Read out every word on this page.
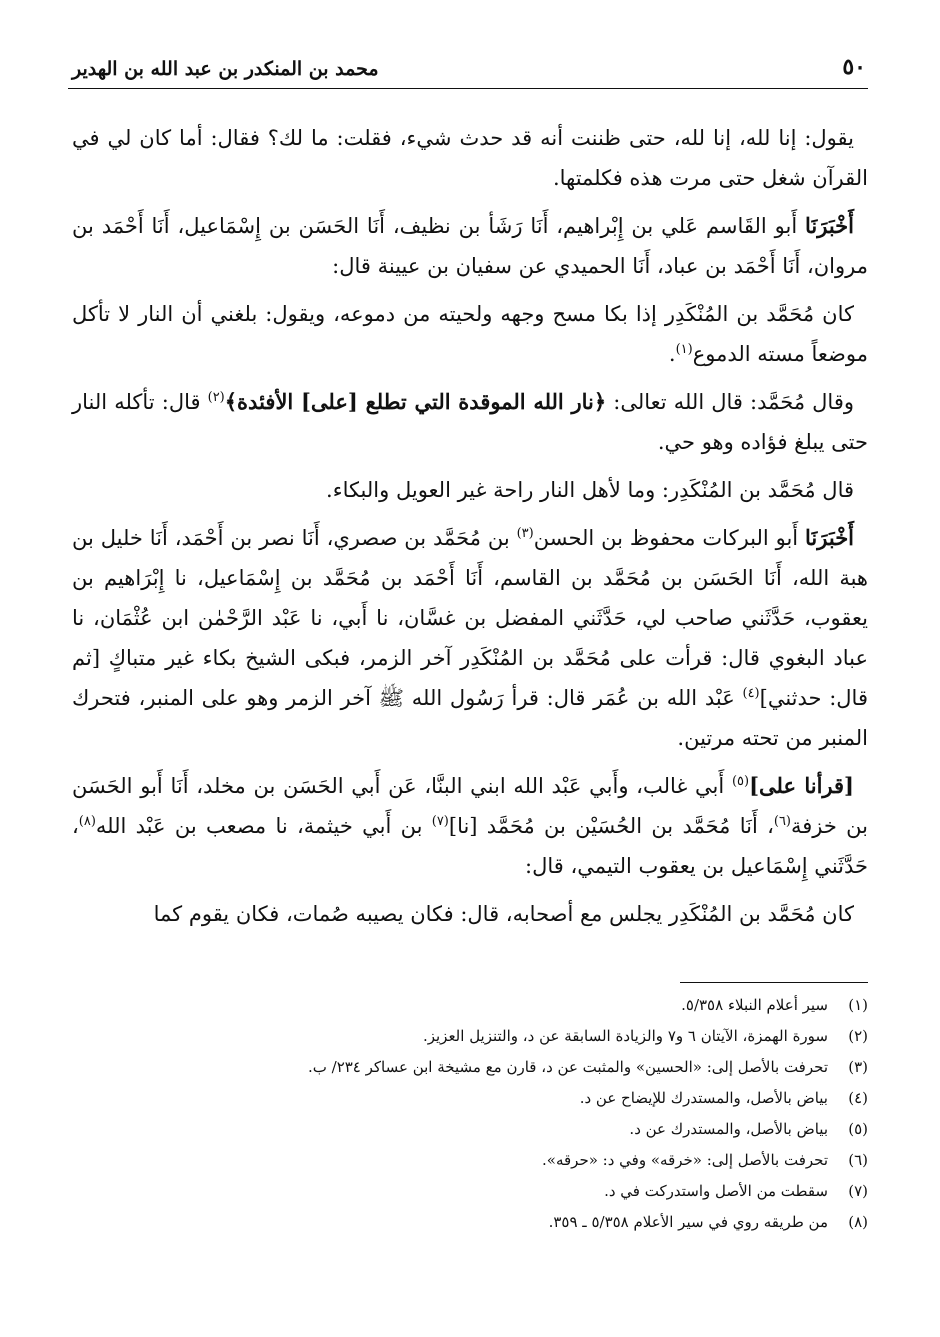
٥٠
محمد بن المنكدر بن عبد الله بن الهدير

يقول: إنا لله، إنا لله، حتى ظننت أنه قد حدث شيء، فقلت: ما لك؟ فقال: أما كان لي في القرآن شغل حتى مرت هذه فكلمتها.

أَخْبَرَنَا أَبو القَاسم عَلي بن إِبْراهيم، أَنَا رَشَأ بن نظيف، أَنَا الحَسَن بن إِسْمَاعيل، أَنَا أَحْمَد بن مروان، أَنَا أَحْمَد بن عباد، أَنَا الحميدي عن سفيان بن عيينة قال:

كان مُحَمَّد بن المُنْكَدِر إذا بكا مسح وجهه ولحيته من دموعه، ويقول: بلغني أن النار لا تأكل موضعاً مسته الدموع$^{(١)}$.

وقال مُحَمَّد: قال الله تعالى: ﴿نار الله الموقدة التي تطلع [على] الأفئدة﴾$^{(٢)}$ قال: تأكله النار حتى يبلغ فؤاده وهو حي.

قال مُحَمَّد بن المُنْكَدِر: وما لأهل النار راحة غير العويل والبكاء.

أَخْبَرَنَا أَبو البركات محفوظ بن الحسن$^{(٣)}$ بن مُحَمَّد بن صصري، أَنَا نصر بن أَحْمَد، أَنَا خليل بن هبة الله، أَنَا الحَسَن بن مُحَمَّد بن القاسم، أَنَا أَحْمَد بن مُحَمَّد بن إِسْمَاعيل، نا إِبْرَاهيم بن يعقوب، حَدَّثَني صاحب لي، حَدَّثَني المفضل بن غسَّان، نا أَبي، نا عَبْد الرَّحْمٰن ابن عُثْمَان، نا عباد البغوي قال: قرأت على مُحَمَّد بن المُنْكَدِر آخر الزمر، فبكى الشيخ بكاء غير متباكٍ [ثم قال: حدثني]$^{(٤)}$ عَبْد الله بن عُمَر قال: قرأ رَسُول الله ﷺ آخر الزمر وهو على المنبر، فتحرك المنبر من تحته مرتين.

[قرأنا على]$^{(٥)}$ أَبي غالب، وأَبي عَبْد الله ابني البنَّا، عَن أَبي الحَسَن بن مخلد، أَنَا أَبو الحَسَن بن خزفة$^{(٦)}$، أَنَا مُحَمَّد بن الحُسَيْن بن مُحَمَّد [نا]$^{(٧)}$ بن أَبي خيثمة، نا مصعب بن عَبْد الله$^{(٨)}$، حَدَّثَني إِسْمَاعيل بن يعقوب التيمي، قال:

كان مُحَمَّد بن المُنْكَدِر يجلس مع أصحابه، قال: فكان يصيبه صُمات، فكان يقوم كما

(١)
سير أعلام النبلاء ٥/٣٥٨.
(٢)
سورة الهمزة، الآيتان ٦ و٧ والزيادة السابقة عن د، والتنزيل العزيز.
(٣)
تحرفت بالأصل إلى: «الحسين» والمثبت عن د، قارن مع مشيخة ابن عساكر ٢٣٤/ ب.
(٤)
بياض بالأصل، والمستدرك للإيضاح عن د.
(٥)
بياض بالأصل، والمستدرك عن د.
(٦)
تحرفت بالأصل إلى: «خرقه» وفي د: «حرقه».
(٧)
سقطت من الأصل واستدركت في د.
(٨)
من طريقه روي في سير الأعلام ٥/٣٥٨ ـ ٣٥٩.
